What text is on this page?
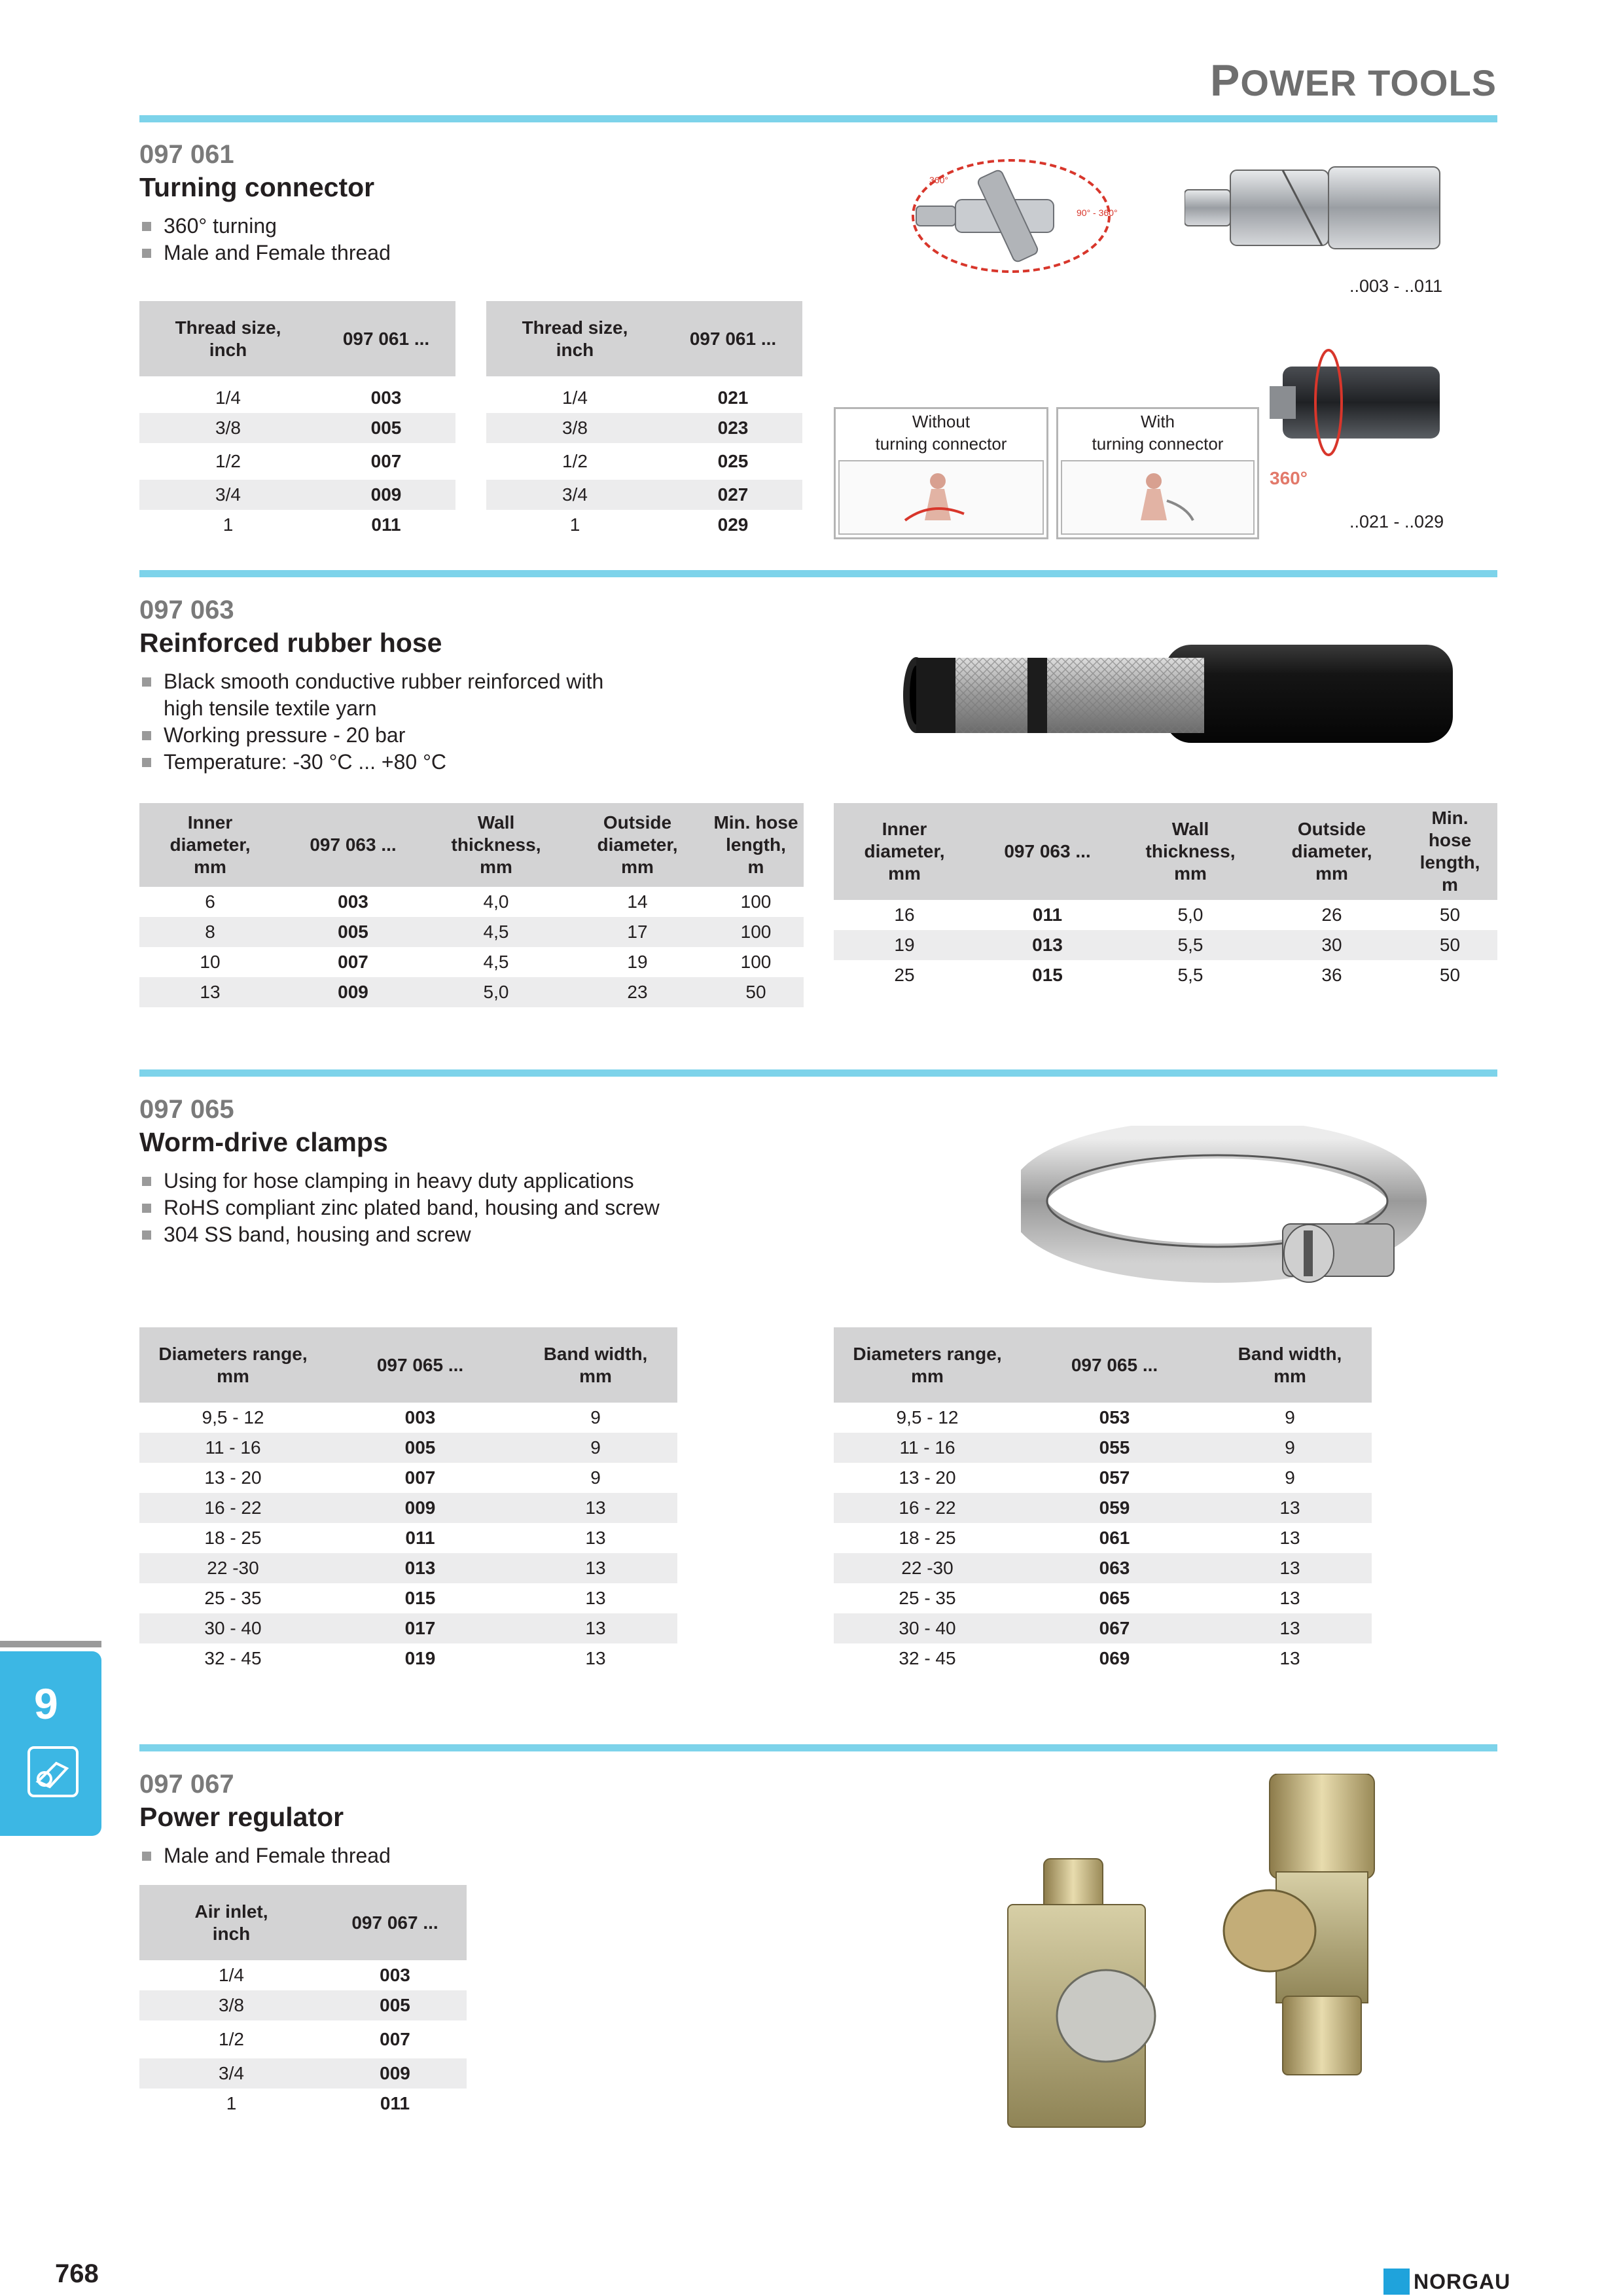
POWER TOOLS
097 061
Turning connector
360° turning
Male and Female thread
Thread size,
inch	097 061 ...

1/4	003
3/8	005
1/2	007
3/4	009
1	011
Thread size,
inch	097 061 ...

1/4	021
3/8	023
1/2	025
3/4	027
1	029
360°
90° - 360°
..003 - ..011
360°
..021 - ..029
Without
turning connector
With
turning connector
097 063
Reinforced rubber hose
Black smooth conductive rubber reinforced with high tensile textile yarn
Working pressure - 20 bar
Temperature: -30 °C ... +80 °C
Inner
diameter,
mm	097 063 ...	Wall
thickness,
mm	Outside
diameter,
mm	Min. hose
length,
m
6	003	4,0	14	100
8	005	4,5	17	100
10	007	4,5	19	100
13	009	5,0	23	50
Inner
diameter,
mm	097 063 ...	Wall
thickness,
mm	Outside
diameter,
mm	Min. hose
length,
m
16	011	5,0	26	50
19	013	5,5	30	50
25	015	5,5	36	50
097 065
Worm-drive clamps
Using for hose clamping in heavy duty applications
RoHS compliant zinc plated band, housing and screw
304 SS band, housing and screw
Diameters range,
mm	097 065 ...	Band width,
mm
9,5 - 12	003	9
11 - 16	005	9
13 - 20	007	9
16 - 22	009	13
18 - 25	011	13
22 -30	013	13
25 - 35	015	13
30 - 40	017	13
32 - 45	019	13
Diameters range,
mm	097 065 ...	Band width,
mm
9,5 - 12	053	9
11 - 16	055	9
13 - 20	057	9
16 - 22	059	13
18 - 25	061	13
22 -30	063	13
25 - 35	065	13
30 - 40	067	13
32 - 45	069	13
097 067
Power regulator
Male and Female thread
Air inlet,
inch	097 067 ...
1/4	003
3/8	005
1/2	007
3/4	009
1	011
9
768	NORGAU
